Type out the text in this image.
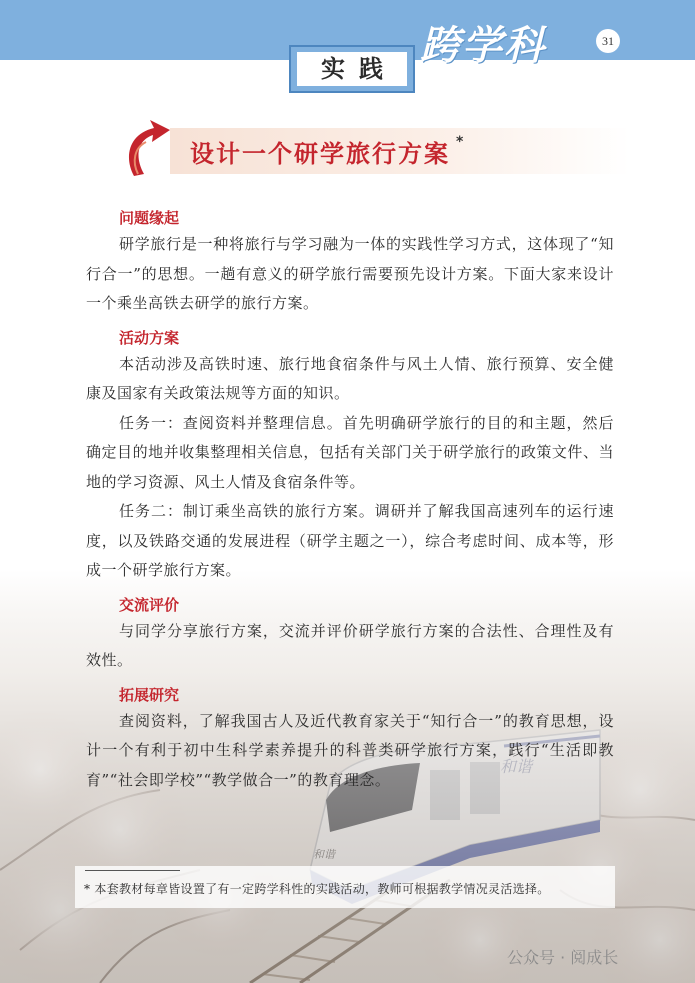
跨学科	31
实践
设计一个研学旅行方案 *
问题缘起

研学旅行是一种将旅行与学习融为一体的实践性学习方式，这体现了“知行合一”的思想。一趟有意义的研学旅行需要预先设计方案。下面大家来设计一个乘坐高铁去研学的旅行方案。

活动方案

本活动涉及高铁时速、旅行地食宿条件与风土人情、旅行预算、安全健康及国家有关政策法规等方面的知识。

任务一：查阅资料并整理信息。首先明确研学旅行的目的和主题，然后确定目的地并收集整理相关信息，包括有关部门关于研学旅行的政策文件、当地的学习资源、风土人情及食宿条件等。

任务二：制订乘坐高铁的旅行方案。调研并了解我国高速列车的运行速度，以及铁路交通的发展进程（研学主题之一），综合考虑时间、成本等，形成一个研学旅行方案。

交流评价

与同学分享旅行方案，交流并评价研学旅行方案的合法性、合理性及有效性。

拓展研究

查阅资料，了解我国古人及近代教育家关于“知行合一”的教育思想，设计一个有利于初中生科学素养提升的科普类研学旅行方案，践行“生活即教育”“社会即学校”“教学做合一”的教育理念。

* 本套教材每章皆设置了有一定跨学科性的实践活动，教师可根据教学情况灵活选择。
公众号 · 阅成长
